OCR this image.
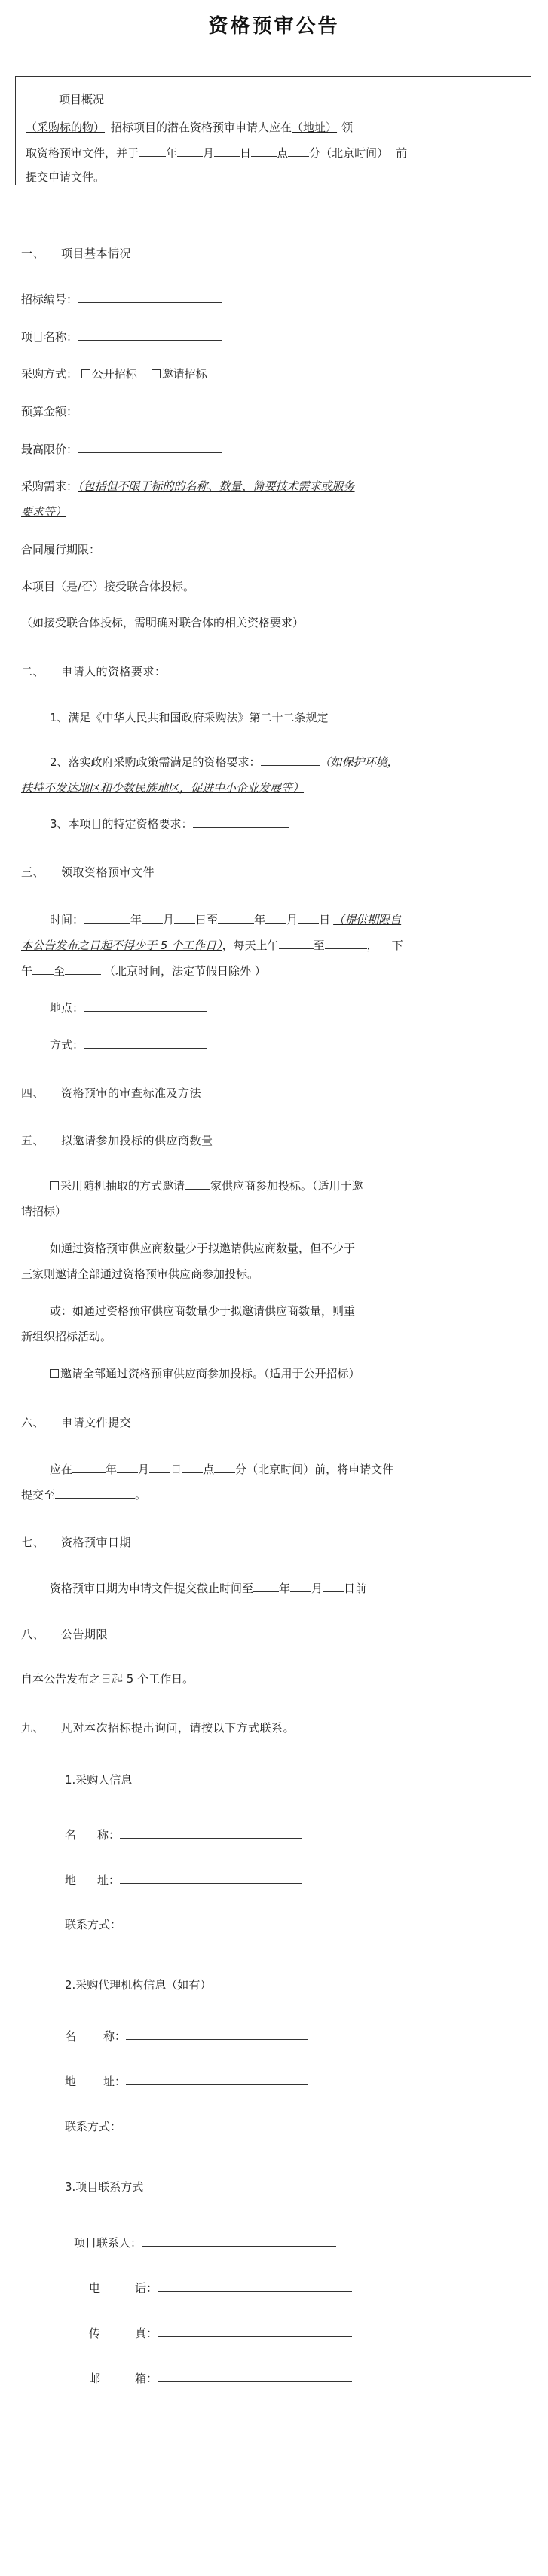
资格预审公告
项目概况
（采购标的物） 招标项目的潜在资格预审申请人应在（地址） 领
取资格预审文件，并于 年 月 日 点 分（北京时间） 前
提交申请文件。
一、 项目基本情况
招标编号：
项目名称：
采购方式： 公开招标 邀请招标
预算金额：
最高限价：
采购需求：（包括但不限于标的的名称、数量、简要技术需求或服务
要求等）
合同履行期限：
本项目（是/否）接受联合体投标。
（如接受联合体投标，需明确对联合体的相关资格要求）
二、 申请人的资格要求：
1、满足《中华人民共和国政府采购法》第二十二条规定
2、落实政府采购政策需满足的资格要求：	（如保护环境，
扶持不发达地区和少数民族地区，促进中小企业发展等）
3、本项目的特定资格要求：
三、 领取资格预审文件
时间：	年 月 日至	年 月 日 （提供期限自
本公告发布之日起不得少于 5 个工作日），每天上午	至	， 下
午 至	（北京时间，法定节假日除外 ）
地点：
方式：
四、 资格预审的审查标准及方法
五、 拟邀请参加投标的供应商数量
采用随机抽取的方式邀请 家供应商参加投标。（适用于邀
请招标）
如通过资格预审供应商数量少于拟邀请供应商数量，但不少于
三家则邀请全部通过资格预审供应商参加投标。
或：如通过资格预审供应商数量少于拟邀请供应商数量，则重
新组织招标活动。
邀请全部通过资格预审供应商参加投标。（适用于公开招标）
六、 申请文件提交
应在	年 月 日 点 分（北京时间）前，将申请文件
提交至	。
七、 资格预审日期
资格预审日期为申请文件提交截止时间至 年 月 日前
八、 公告期限
自本公告发布之日起 5 个工作日。
九、 凡对本次招标提出询问，请按以下方式联系。
1.采购人信息
名 称：
地 址：
联系方式：
2.采购代理机构信息（如有）
名 称：
地 址：
联系方式：
3.项目联系方式
项目联系人：
电	话：
传	真：
邮	箱：
